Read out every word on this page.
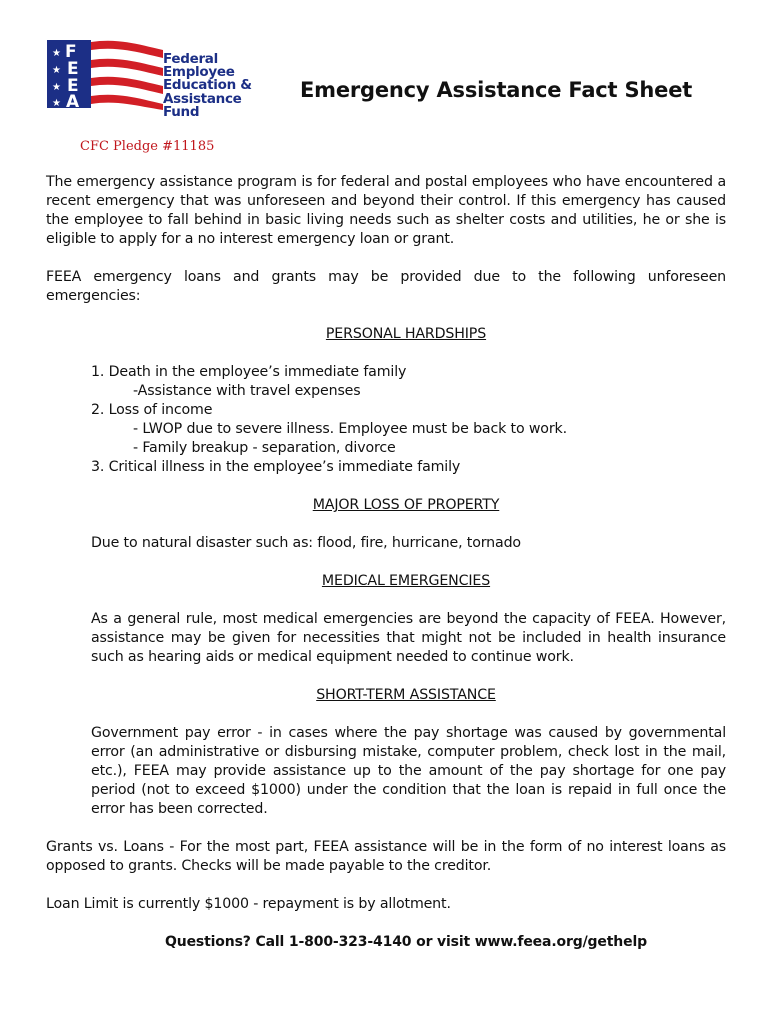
★
★
★
★
F
E
E
A
Federal
Employee
Education &
Assistance
Fund
Emergency Assistance Fact Sheet
CFC Pledge #11185

The emergency assistance program is for federal and postal employees who have encountered a recent emergency that was unforeseen and beyond their control. If this emergency has caused the employee to fall behind in basic living needs such as shelter costs and utilities, he or she is eligible to apply for a no interest emergency loan or grant.

FEEA emergency loans and grants may be provided due to the following unforeseen emergencies:

PERSONAL HARDSHIPS

1. Death in the employee’s immediate family

-Assistance with travel expenses

2. Loss of income

- LWOP due to severe illness. Employee must be back to work.

- Family breakup - separation, divorce

3. Critical illness in the employee’s immediate family

MAJOR LOSS OF PROPERTY

Due to natural disaster such as: flood, fire, hurricane, tornado

MEDICAL EMERGENCIES

As a general rule, most medical emergencies are beyond the capacity of FEEA. However, assistance may be given for necessities that might not be included in health insurance such as hearing aids or medical equipment needed to continue work.

SHORT-TERM ASSISTANCE

Government pay error - in cases where the pay shortage was caused by governmental error (an administrative or disbursing mistake, computer problem, check lost in the mail, etc.), FEEA may provide assistance up to the amount of the pay shortage for one pay period (not to exceed $1000) under the condition that the loan is repaid in full once the error has been corrected.

Grants vs. Loans - For the most part, FEEA assistance will be in the form of no interest loans as opposed to grants. Checks will be made payable to the creditor.

Loan Limit is currently $1000 - repayment is by allotment.

Questions? Call 1-800-323-4140 or visit www.feea.org/gethelp
